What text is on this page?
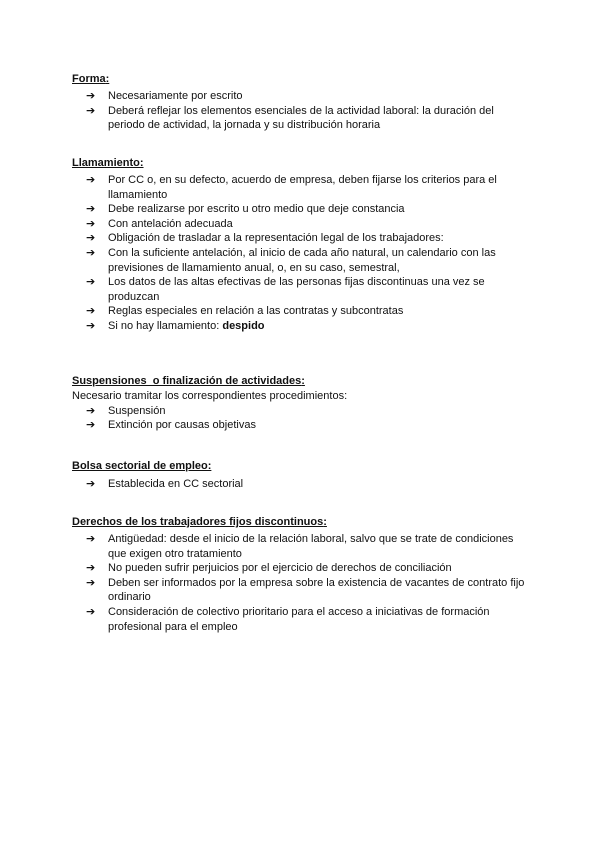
Forma:

➔ Necesariamente por escrito
➔ Deberá reflejar los elementos esenciales de la actividad laboral: la duración del periodo de actividad, la jornada y su distribución horaria

Llamamiento:

➔ Por CC o, en su defecto, acuerdo de empresa, deben fijarse los criterios para el llamamiento
➔ Debe realizarse por escrito u otro medio que deje constancia
➔ Con antelación adecuada
➔ Obligación de trasladar a la representación legal de los trabajadores:
➔ Con la suficiente antelación, al inicio de cada año natural, un calendario con las previsiones de llamamiento anual, o, en su caso, semestral,
➔ Los datos de las altas efectivas de las personas fijas discontinuas una vez se produzcan
➔ Reglas especiales en relación a las contratas y subcontratas
➔ Si no hay llamamiento: despido

Suspensiones  o finalización de actividades:

Necesario tramitar los correspondientes procedimientos:

➔ Suspensión
➔ Extinción por causas objetivas

Bolsa sectorial de empleo:

➔ Establecida en CC sectorial

Derechos de los trabajadores fijos discontinuos:

➔ Antigüedad: desde el inicio de la relación laboral, salvo que se trate de condiciones que exigen otro tratamiento
➔ No pueden sufrir perjuicios por el ejercicio de derechos de conciliación
➔ Deben ser informados por la empresa sobre la existencia de vacantes de contrato fijo ordinario
➔ Consideración de colectivo prioritario para el acceso a iniciativas de formación profesional para el empleo
